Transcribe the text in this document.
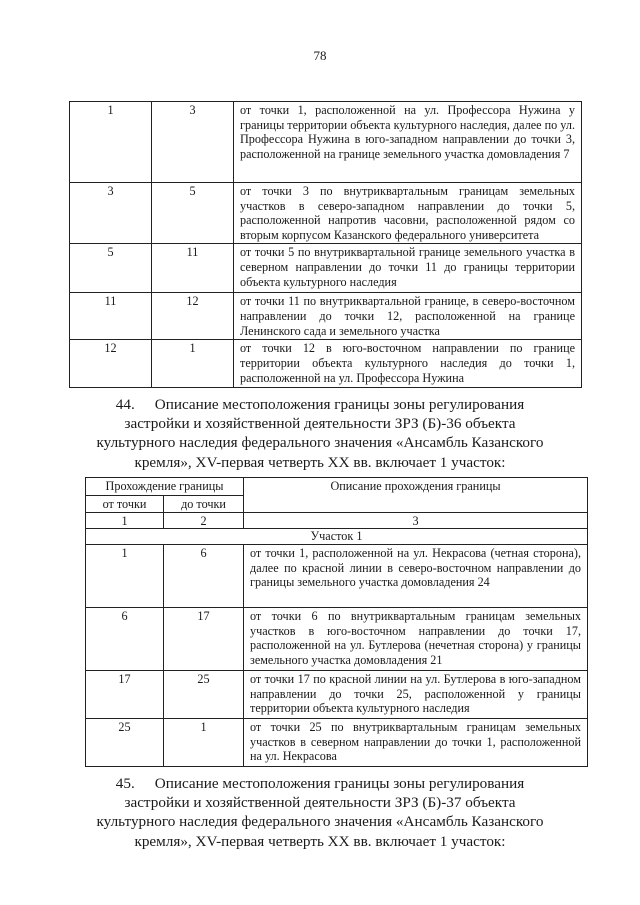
78
1	3	от точки 1, расположенной на ул. Профессора Нужина у границы территории объекта культурного наследия, далее по ул. Профессора Нужина в юго-западном направлении до точки 3, расположенной на границе земельного участка домовладения 7
3	5	от точки 3 по внутриквартальным границам земельных участков в северо-западном направлении до точки 5, расположенной напротив часовни, расположенной рядом со вторым корпусом Казанского федерального университета
5	11	от точки 5 по внутриквартальной границе земельного участка в северном направлении до точки 11 до границы территории объекта культурного наследия
11	12	от точки 11 по внутриквартальной границе, в северо-восточном направлении до точки 12, расположенной на границе Ленинского сада и земельного участка
12	1	от точки 12 в юго-восточном направлении по границе территории объекта культурного наследия до точки 1, расположенной на ул. Профессора Нужина
44. Описание местоположения границы зоны регулирования застройки и хозяйственной деятельности ЗРЗ (Б)-36 объекта культурного наследия федерального значения «Ансамбль Казанского кремля», XV-первая четверть XX вв. включает 1 участок:
Прохождение границы		Описание прохождения границы
от точки	до точки	
1	2	3
Участок 1		
1	6	от точки 1, расположенной на ул. Некрасова (четная сторона), далее по красной линии в северо-восточном направлении до границы земельного участка домовладения 24
6	17	от точки 6 по внутриквартальным границам земельных участков в юго-восточном направлении до точки 17, расположенной на ул. Бутлерова (нечетная сторона) у границы земельного участка домовладения 21
17	25	от точки 17 по красной линии на ул. Бутлерова в юго-западном направлении до точки 25, расположенной у границы территории объекта культурного наследия
25	1	от точки 25 по внутриквартальным границам земельных участков в северном направлении до точки 1, расположенной на ул. Некрасова
45. Описание местоположения границы зоны регулирования застройки и хозяйственной деятельности ЗРЗ (Б)-37 объекта культурного наследия федерального значения «Ансамбль Казанского кремля», XV-первая четверть XX вв. включает 1 участок:
